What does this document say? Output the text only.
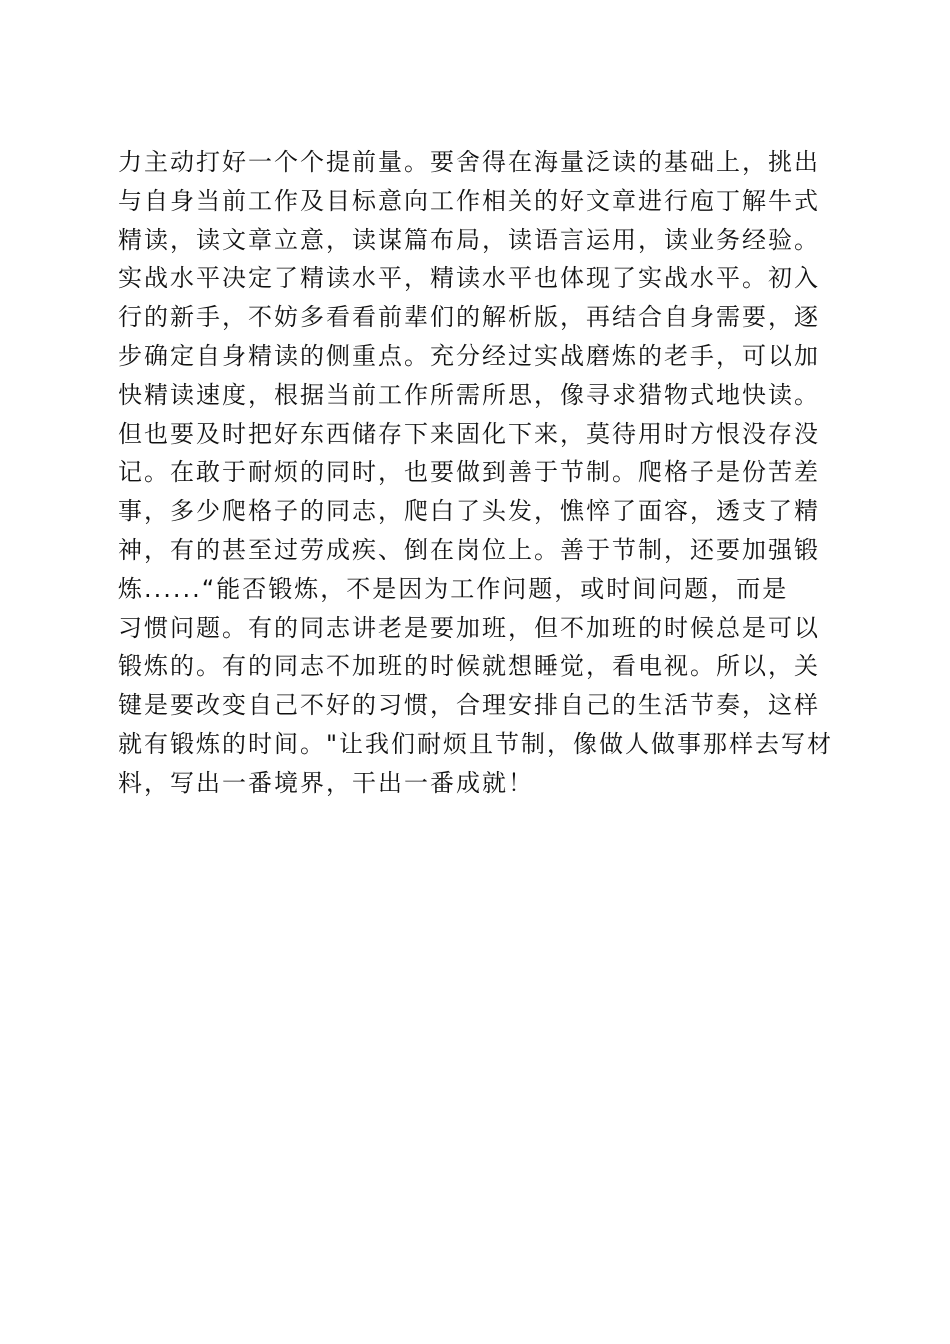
力主动打好一个个提前量。要舍得在海量泛读的基础上，挑出
与自身当前工作及目标意向工作相关的好文章进行庖丁解牛式
精读，读文章立意，读谋篇布局，读语言运用，读业务经验。
实战水平决定了精读水平，精读水平也体现了实战水平。初入
行的新手，不妨多看看前辈们的解析版，再结合自身需要，逐
步确定自身精读的侧重点。充分经过实战磨炼的老手，可以加
快精读速度，根据当前工作所需所思，像寻求猎物式地快读。
但也要及时把好东西储存下来固化下来，莫待用时方恨没存没
记。在敢于耐烦的同时，也要做到善于节制。爬格子是份苦差
事，多少爬格子的同志，爬白了头发，憔悴了面容，透支了精
神，有的甚至过劳成疾、倒在岗位上。善于节制，还要加强锻
炼......“能否锻炼，不是因为工作问题，或时间问题，而是
习惯问题。有的同志讲老是要加班，但不加班的时候总是可以
锻炼的。有的同志不加班的时候就想睡觉，看电视。所以，关
键是要改变自己不好的习惯，合理安排自己的生活节奏，这样
就有锻炼的时间。"让我们耐烦且节制，像做人做事那样去写材
料，写出一番境界，干出一番成就！
